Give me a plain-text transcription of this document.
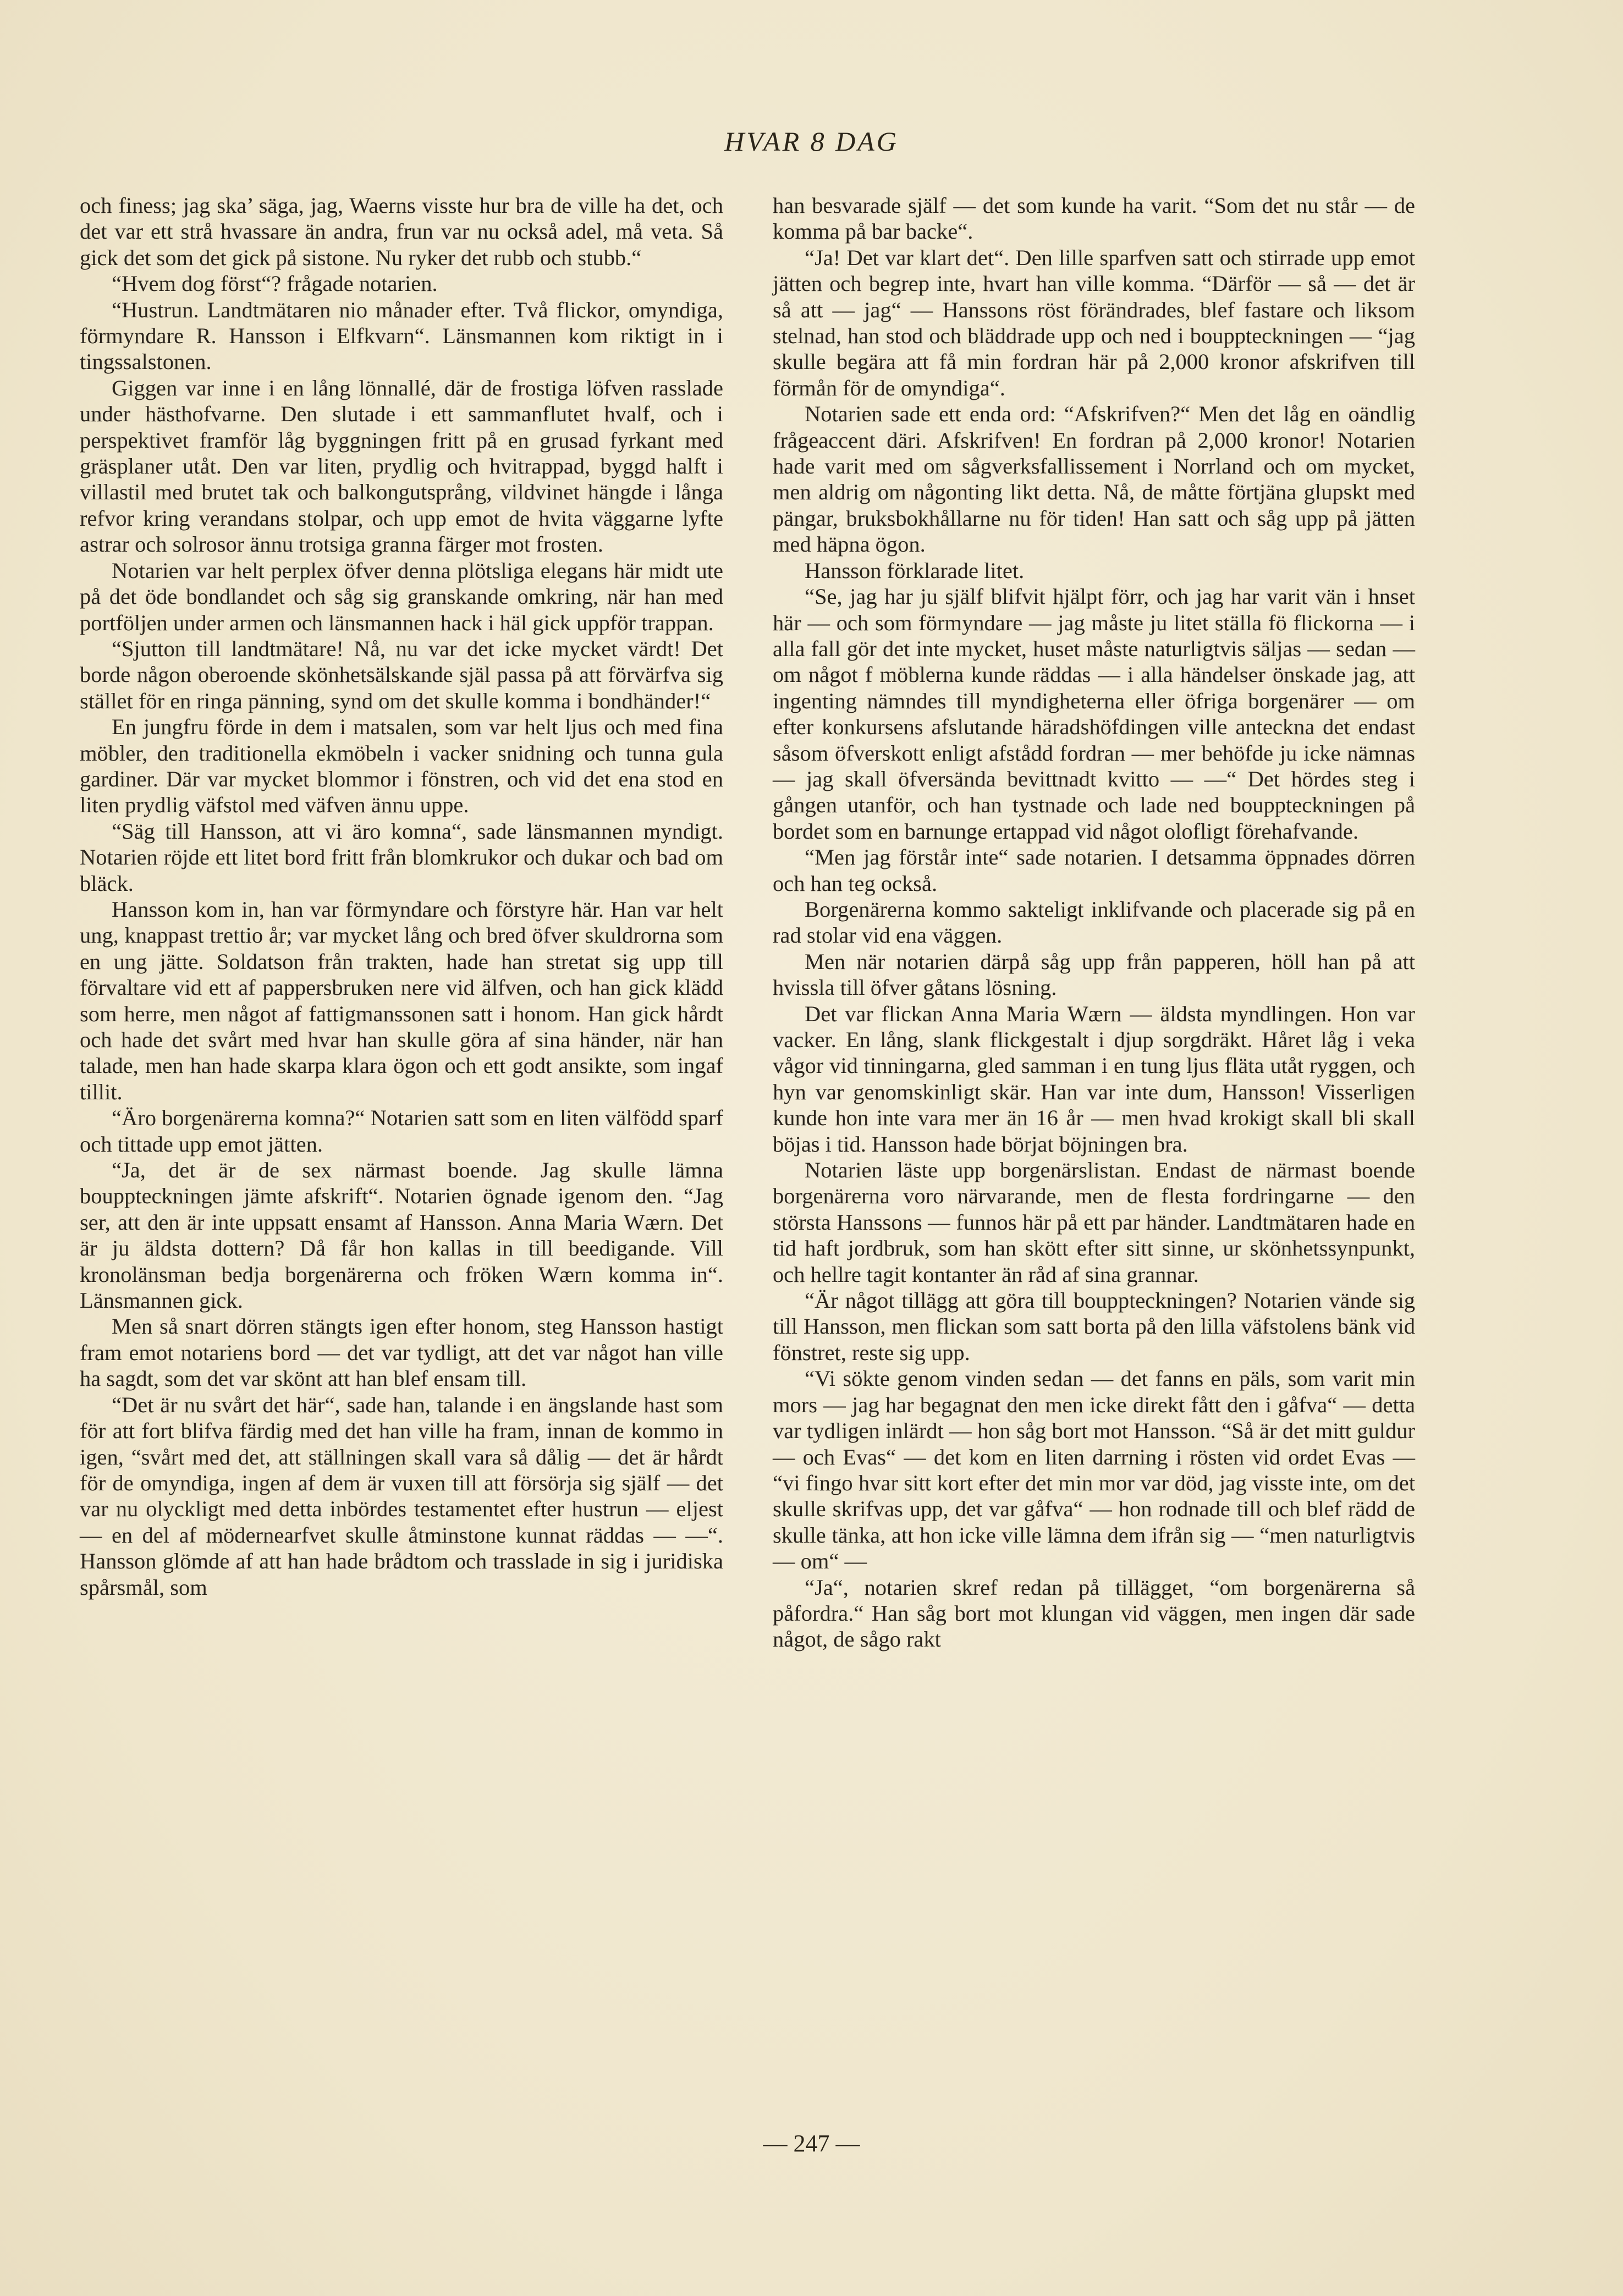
HVAR 8 DAG

och finess; jag ska’ säga, jag, Waerns visste hur bra de ville ha det, och det var ett strå hvassare än andra, frun var nu också adel, må veta. Så gick det som det gick på sistone. Nu ryker det rubb och stubb.“

“Hvem dog först“? frågade notarien.

“Hustrun. Landtmätaren nio månader efter. Två flickor, omyndiga, förmyndare R. Hansson i Elfkvarn“. Länsmannen kom riktigt in i tingssalstonen.

Giggen var inne i en lång lönnallé, där de frostiga löfven rasslade under hästhofvarne. Den slutade i ett sammanflutet hvalf, och i perspektivet framför låg byggningen fritt på en grusad fyrkant med gräsplaner utåt. Den var liten, prydlig och hvitrappad, byggd halft i villastil med brutet tak och balkongutsprång, vildvinet hängde i långa refvor kring verandans stolpar, och upp emot de hvita väggarne lyfte astrar och solrosor ännu trotsiga granna färger mot frosten.

Notarien var helt perplex öfver denna plötsliga elegans här midt ute på det öde bondlandet och såg sig granskande omkring, när han med portföljen under armen och länsmannen hack i häl gick uppför trappan.

“Sjutton till landtmätare! Nå, nu var det icke mycket värdt! Det borde någon oberoende skönhetsälskande själ passa på att förvärfva sig stället för en ringa pänning, synd om det skulle komma i bondhänder!“

En jungfru förde in dem i matsalen, som var helt ljus och med fina möbler, den traditionella ekmöbeln i vacker snidning och tunna gula gardiner. Där var mycket blommor i fönstren, och vid det ena stod en liten prydlig väfstol med väfven ännu uppe.

“Säg till Hansson, att vi äro komna“, sade länsmannen myndigt. Notarien röjde ett litet bord fritt från blomkrukor och dukar och bad om bläck.

Hansson kom in, han var förmyndare och förstyre här. Han var helt ung, knappast trettio år; var mycket lång och bred öfver skuldrorna som en ung jätte. Soldatson från trakten, hade han stretat sig upp till förvaltare vid ett af pappersbruken nere vid älfven, och han gick klädd som herre, men något af fattigmanssonen satt i honom. Han gick hårdt och hade det svårt med hvar han skulle göra af sina händer, när han talade, men han hade skarpa klara ögon och ett godt ansikte, som ingaf tillit.

“Äro borgenärerna komna?“ Notarien satt som en liten välfödd sparf och tittade upp emot jätten.

“Ja, det är de sex närmast boende. Jag skulle lämna bouppteckningen jämte afskrift“. Notarien ögnade igenom den. “Jag ser, att den är inte uppsatt ensamt af Hansson. Anna Maria Wærn. Det är ju äldsta dottern? Då får hon kallas in till beedigande. Vill kronolänsman bedja borgenärerna och fröken Wærn komma in“. Länsmannen gick.

Men så snart dörren stängts igen efter honom, steg Hansson hastigt fram emot notariens bord — det var tydligt, att det var något han ville ha sagdt, som det var skönt att han blef ensam till.

“Det är nu svårt det här“, sade han, talande i en ängslande hast som för att fort blifva färdig med det han ville ha fram, innan de kommo in igen, “svårt med det, att ställningen skall vara så dålig — det är hårdt för de omyndiga, ingen af dem är vuxen till att försörja sig själf — det var nu olyckligt med detta inbördes testamentet efter hustrun — eljest — en del af mödernearfvet skulle åtminstone kunnat räddas — —“. Hansson glömde af att han hade brådtom och trasslade in sig i juridiska spårsmål, som

han besvarade själf — det som kunde ha varit. “Som det nu står — de komma på bar backe“.

“Ja! Det var klart det“. Den lille sparfven satt och stirrade upp emot jätten och begrep inte, hvart han ville komma. “Därför — så — det är så att — jag“ — Hanssons röst förändrades, blef fastare och liksom stelnad, han stod och bläddrade upp och ned i bouppteckningen — “jag skulle begära att få min fordran här på 2,000 kronor afskrifven till förmån för de omyndiga“.

Notarien sade ett enda ord: “Afskrifven?“ Men det låg en oändlig frågeaccent däri. Afskrifven! En fordran på 2,000 kronor! Notarien hade varit med om sågverksfallissement i Norrland och om mycket, men aldrig om någonting likt detta. Nå, de måtte förtjäna glupskt med pängar, bruksbokhållarne nu för tiden! Han satt och såg upp på jätten med häpna ögon.

Hansson förklarade litet.

“Se, jag har ju själf blifvit hjälpt förr, och jag har varit vän i hnset här — och som förmyndare — jag måste ju litet ställa fö flickorna — i alla fall gör det inte mycket, huset måste naturligtvis säljas — sedan — om något f möblerna kunde räddas — i alla händelser önskade jag, att ingenting nämndes till myndigheterna eller öfriga borgenärer — om efter konkursens afslutande häradshöfdingen ville anteckna det endast såsom öfverskott enligt afstådd fordran — mer behöfde ju icke nämnas — jag skall öfversända bevittnadt kvitto — —“ Det hördes steg i gången utanför, och han tystnade och lade ned bouppteckningen på bordet som en barnunge ertappad vid något olofligt förehafvande.

“Men jag förstår inte“ sade notarien. I detsamma öppnades dörren och han teg också.

Borgenärerna kommo sakteligt inklifvande och placerade sig på en rad stolar vid ena väggen.

Men när notarien därpå såg upp från papperen, höll han på att hvissla till öfver gåtans lösning.

Det var flickan Anna Maria Wærn — äldsta myndlingen. Hon var vacker. En lång, slank flickgestalt i djup sorgdräkt. Håret låg i veka vågor vid tinningarna, gled samman i en tung ljus fläta utåt ryggen, och hyn var genomskinligt skär. Han var inte dum, Hansson! Visserligen kunde hon inte vara mer än 16 år — men hvad krokigt skall bli skall böjas i tid. Hansson hade börjat böjningen bra.

Notarien läste upp borgenärslistan. Endast de närmast boende borgenärerna voro närvarande, men de flesta fordringarne — den största Hanssons — funnos här på ett par händer. Landtmätaren hade en tid haft jordbruk, som han skött efter sitt sinne, ur skönhetssynpunkt, och hellre tagit kontanter än råd af sina grannar.

“Är något tillägg att göra till bouppteckningen? Notarien vände sig till Hansson, men flickan som satt borta på den lilla väfstolens bänk vid fönstret, reste sig upp.

“Vi sökte genom vinden sedan — det fanns en päls, som varit min mors — jag har begagnat den men icke direkt fått den i gåfva“ — detta var tydligen inlärdt — hon såg bort mot Hansson. “Så är det mitt guldur — och Evas“ — det kom en liten darrning i rösten vid ordet Evas — “vi fingo hvar sitt kort efter det min mor var död, jag visste inte, om det skulle skrifvas upp, det var gåfva“ — hon rodnade till och blef rädd de skulle tänka, att hon icke ville lämna dem ifrån sig — “men naturligtvis — om“ —

“Ja“, notarien skref redan på tillägget, “om borgenärerna så påfordra.“ Han såg bort mot klungan vid väggen, men ingen där sade något, de sågo rakt

— 247 —
